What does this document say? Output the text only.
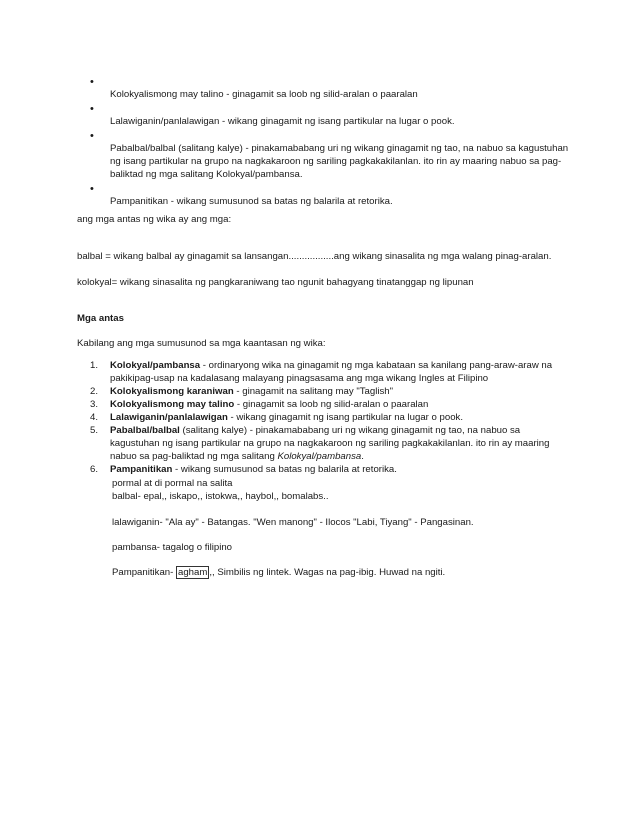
•
Kolokyalismong may talino - ginagamit sa loob ng silid-aralan o paaralan
•
Lalawiganin/panlalawigan - wikang ginagamit ng isang partikular na lugar o pook.
•
Pabalbal/balbal (salitang kalye) - pinakamababang uri ng wikang ginagamit ng tao, na nabuo sa kagustuhan ng isang partikular na grupo na nagkakaroon ng sariling pagkakakilanlan. ito rin ay maaring nabuo sa pag-baliktad ng mga salitang Kolokyal/pambansa.
•
Pampanitikan - wikang sumusunod sa batas ng balarila at retorika.
ang mga antas ng wika ay ang mga:
balbal = wikang balbal ay ginagamit sa lansangan.................ang wikang sinasalita ng mga walang pinag-aralan.
kolokyal= wikang sinasalita ng pangkaraniwang tao ngunit bahagyang tinatanggap ng lipunan
Mga antas
Kabilang ang mga sumusunod sa mga kaantasan ng wika:
1. Kolokyal/pambansa - ordinaryong wika na ginagamit ng mga kabataan sa kanilang pang-araw-araw na pakikipag-usap na kadalasang malayang pinagsasama ang mga wikang Ingles at Filipino
2. Kolokyalismong karaniwan - ginagamit na salitang may "Taglish"
3. Kolokyalismong may talino - ginagamit sa loob ng silid-aralan o paaralan
4. Lalawiganin/panlalawigan - wikang ginagamit ng isang partikular na lugar o pook.
5. Pabalbal/balbal (salitang kalye) - pinakamababang uri ng wikang ginagamit ng tao, na nabuo sa kagustuhan ng isang partikular na grupo na nagkakaroon ng sariling pagkakakilanlan. ito rin ay maaring nabuo sa pag-baliktad ng mga salitang Kolokyal/pambansa.
6. Pampanitikan - wikang sumusunod sa batas ng balarila at retorika.
pormal at di pormal na salita
balbal- epal,, iskapo,, istokwa,, haybol,, bomalabs..
lalawiganin- "Ala ay" - Batangas. "Wen manong" - Ilocos "Labi, Tiyang" - Pangasinan.
pambansa- tagalog o filipino
Pampanitikan- agham ,, Simbilis ng lintek. Wagas na pag-ibig. Huwad na ngiti.
